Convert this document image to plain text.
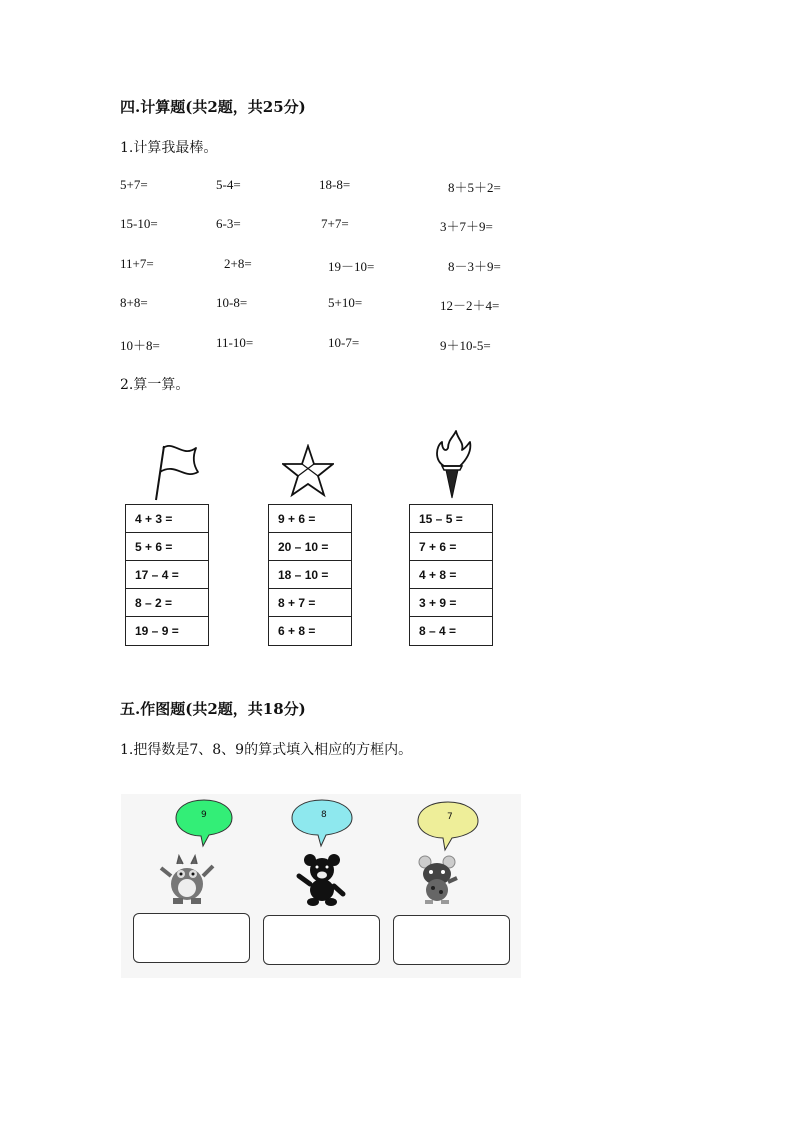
四.计算题(共2题，共25分)
1.计算我最棒。
5+7=	5-4=	18-8=	8＋5＋2=
15-10=	6-3=	7+7=	3＋7＋9=
11+7=	2+8=	19－10=	8－3＋9=
8+8=	10-8=	5+10=	12－2＋4=
10＋8=	11-10=	10-7=	9＋10-5=
2.算一算。
4 + 3 =
5 + 6 =
17 – 4 =
8 – 2 =
19 – 9 =
9 + 6 =
20 – 10 =
18 – 10 =
8 + 7 =
6 + 8 =
15 – 5 =
7 + 6 =
4 + 8 =
3 + 9 =
8 – 4 =
五.作图题(共2题，共18分)
1.把得数是7、8、9的算式填入相应的方框内。
9	8	7
